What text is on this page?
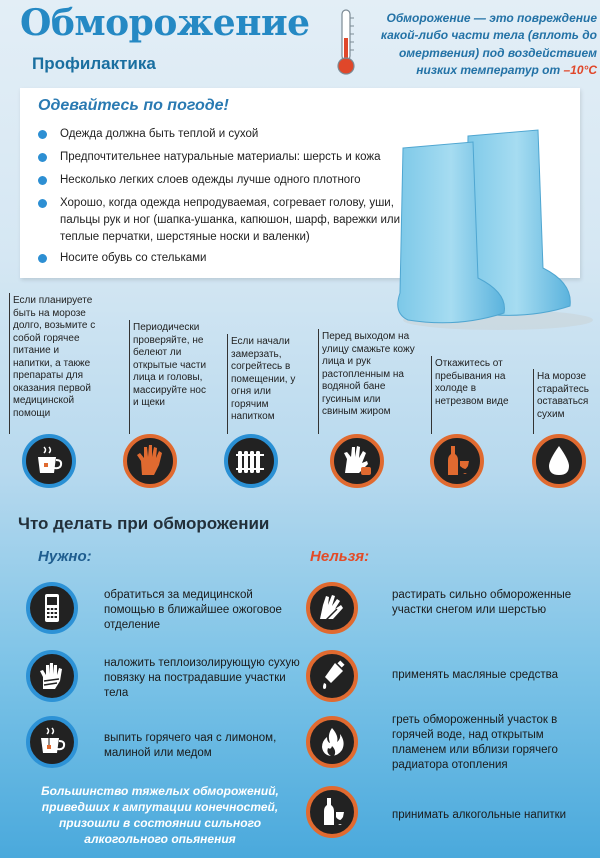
Обморожение
Профилактика
Обморожение — это повреждение какой-либо части тела (вплоть до омертвения) под воздействием низких температур от –10°С
Одевайтесь по погоде!
Одежда должна быть теплой и сухой
Предпочтительнее натуральные материалы: шерсть и кожа
Несколько легких слоев одежды лучше одного плотного
Хорошо, когда одежда непродуваемая, согревает голову, уши, пальцы рук и ног (шапка-ушанка, капюшон, шарф, варежки или теплые перчатки, шерстяные носки и валенки)
Носите обувь со стельками
Если планируете быть на морозе долго, возьмите с собой горячее питание и напитки, а также препараты для оказания первой медицинской помощи
Периодически проверяйте, не белеют ли открытые части лица и головы, массируйте нос и щеки
Если начали замерзать, согрейтесь в помещении, у огня или горячим напитком
Перед выходом на улицу смажьте кожу лица и рук растопленным на водяной бане гусиным или свиным жиром
Откажитесь от пребывания на холоде в нетрезвом виде
На морозе старайтесь оставаться сухим
Что делать при обморожении
Нужно:	Нельзя:
обратиться за медицинской помощью в ближайшее ожоговое отделение
наложить теплоизолирующую сухую повязку на пострадавшие участки тела
выпить горячего чая с лимоном, малиной или медом
растирать сильно обмороженные участки снегом или шерстью
применять масляные средства
греть обмороженный участок в горячей воде, над открытым пламенем или вблизи горячего радиатора отопления
принимать алкогольные напитки
Большинство тяжелых обморожений, приведших к ампутации конечностей, призошли в состоянии сильного алкогольного опьянения
